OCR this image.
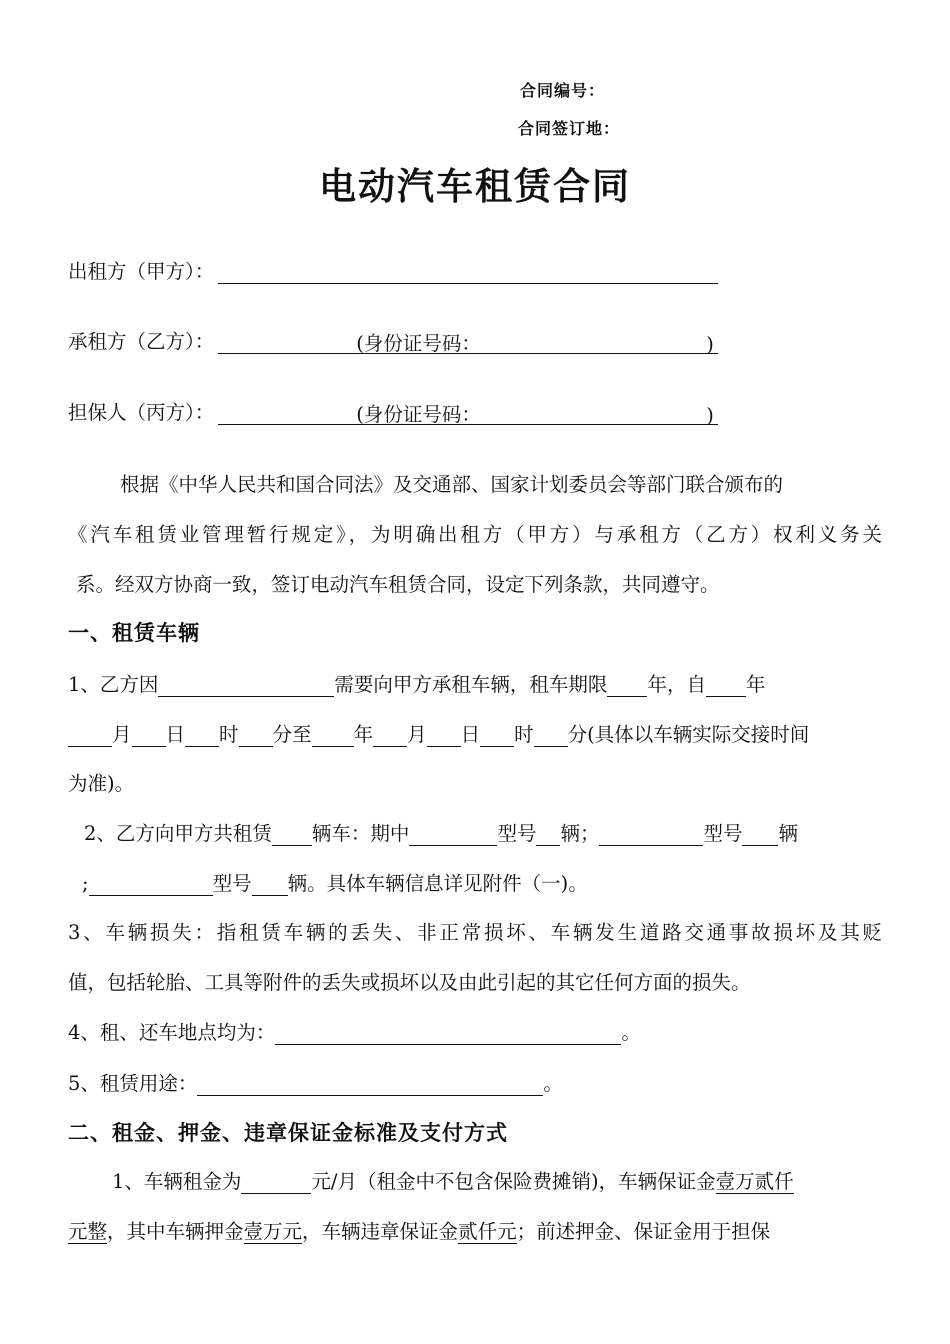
合同编号：
合同签订地：
电动汽车租赁合同
出租方（甲方）：
承租方（乙方）：	(身份证号码：	)
担保人（丙方）：	(身份证号码：	)
根据《中华人民共和国合同法》及交通部、国家计划委员会等部门联合颁布的
《汽车租赁业管理暂行规定》，为明确出租方（甲方）与承租方（乙方）权利义务关
系。经双方协商一致，签订电动汽车租赁合同，设定下列条款，共同遵守。
一、租赁车辆
1、乙方因	需要向甲方承租车辆，租车期限 年，自 年
月 日 时 分至 年 月 日 时 分(具体以车辆实际交接时间
为准)。
2、乙方向甲方共租赁 辆车：期中	型号 辆；	型号 辆
;	型号 辆。具体车辆信息详见附件（一)。
3、车辆损失：指租赁车辆的丢失、非正常损坏、车辆发生道路交通事故损坏及其贬
值，包括轮胎、工具等附件的丢失或损坏以及由此引起的其它任何方面的损失。
4、租、还车地点均为：	。
5、租赁用途：	。
二、租金、押金、违章保证金标准及支付方式
1、车辆租金为	元/月（租金中不包含保险费摊销)，车辆保证金壹万贰仟
元整，其中车辆押金壹万元，车辆违章保证金贰仟元；前述押金、保证金用于担保
